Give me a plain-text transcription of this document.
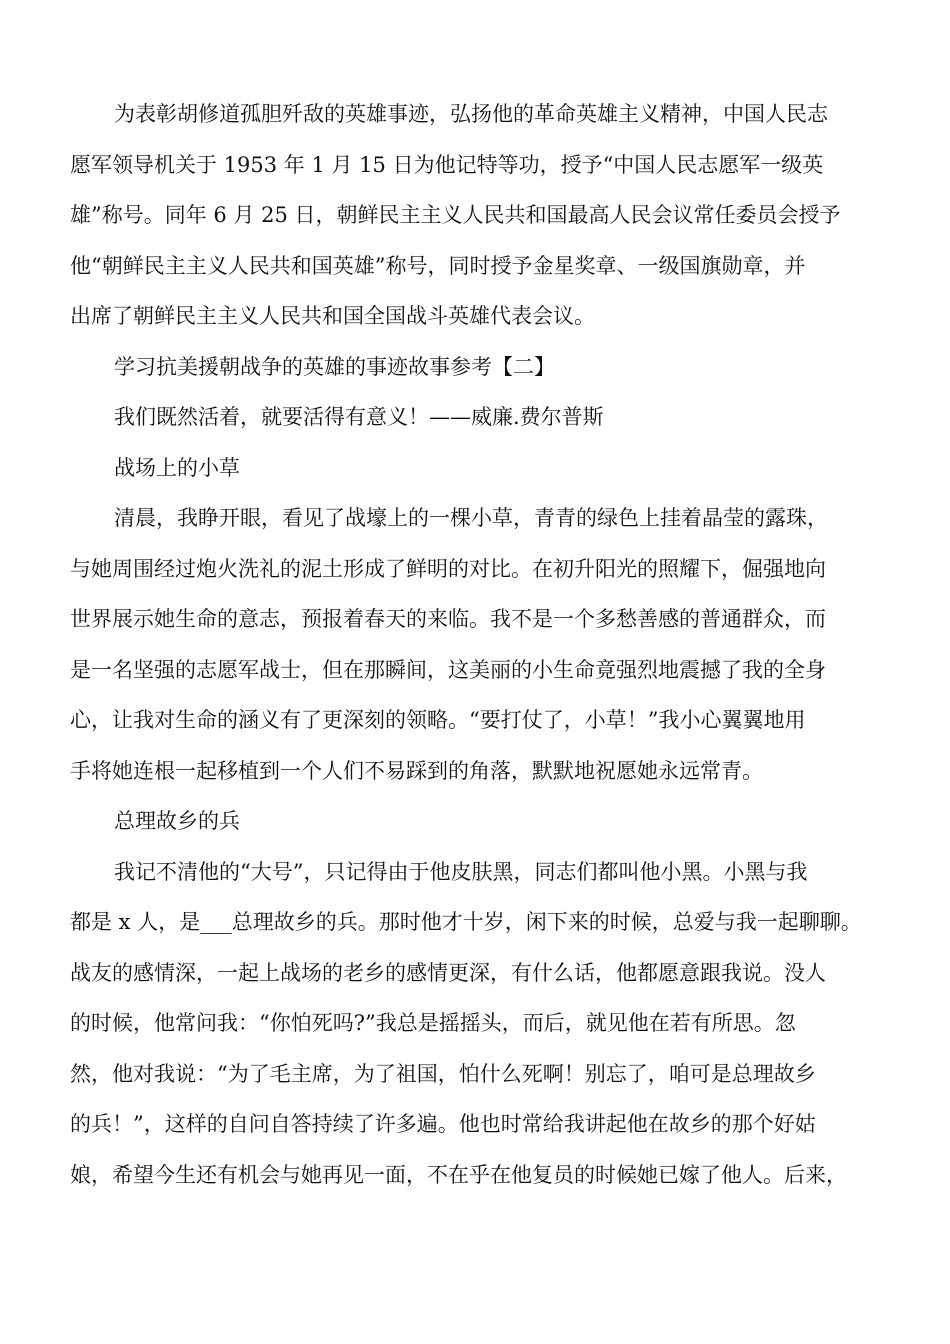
为表彰胡修道孤胆歼敌的英雄事迹，弘扬他的革命英雄主义精神，中国人民志
愿军领导机关于 1953 年 1 月 15 日为他记特等功，授予“中国人民志愿军一级英
雄”称号。同年 6 月 25 日，朝鲜民主主义人民共和国最高人民会议常任委员会授予
他“朝鲜民主主义人民共和国英雄”称号，同时授予金星奖章、一级国旗勋章，并
出席了朝鲜民主主义人民共和国全国战斗英雄代表会议。
学习抗美援朝战争的英雄的事迹故事参考【二】
我们既然活着，就要活得有意义！——威廉.费尔普斯
战场上的小草
清晨，我睁开眼，看见了战壕上的一棵小草，青青的绿色上挂着晶莹的露珠，
与她周围经过炮火洗礼的泥土形成了鲜明的对比。在初升阳光的照耀下，倔强地向
世界展示她生命的意志，预报着春天的来临。我不是一个多愁善感的普通群众，而
是一名坚强的志愿军战士，但在那瞬间，这美丽的小生命竟强烈地震撼了我的全身
心，让我对生命的涵义有了更深刻的领略。“要打仗了，小草！”我小心翼翼地用
手将她连根一起移植到一个人们不易踩到的角落，默默地祝愿她永远常青。
总理故乡的兵
我记不清他的“大号”，只记得由于他皮肤黑，同志们都叫他小黑。小黑与我
都是 x 人，是___总理故乡的兵。那时他才十岁，闲下来的时候，总爱与我一起聊聊。
战友的感情深，一起上战场的老乡的感情更深，有什么话，他都愿意跟我说。没人
的时候，他常问我：“你怕死吗?”我总是摇摇头，而后，就见他在若有所思。忽
然，他对我说：“为了毛主席，为了祖国，怕什么死啊！别忘了，咱可是总理故乡
的兵！”，这样的自问自答持续了许多遍。他也时常给我讲起他在故乡的那个好姑
娘，希望今生还有机会与她再见一面，不在乎在他复员的时候她已嫁了他人。后来，
